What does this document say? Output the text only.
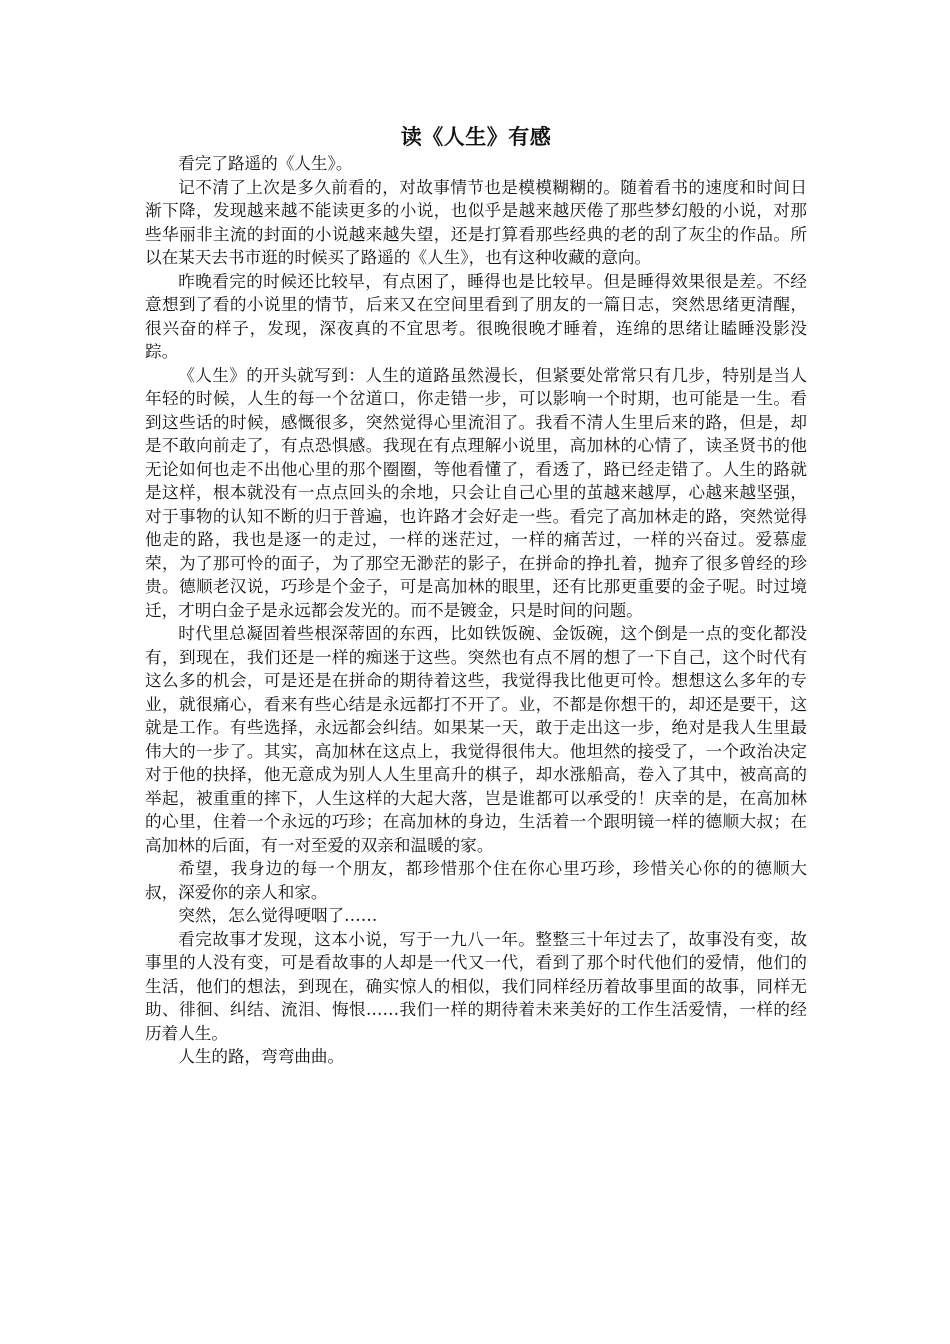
读《人生》有感

看完了路遥的《人生》。

记不清了上次是多久前看的，对故事情节也是模模糊糊的。随着看书的速度和时间日渐下降，发现越来越不能读更多的小说，也似乎是越来越厌倦了那些梦幻般的小说，对那些华丽非主流的封面的小说越来越失望，还是打算看那些经典的老的刮了灰尘的作品。所以在某天去书市逛的时候买了路遥的《人生》，也有这种收藏的意向。

昨晚看完的时候还比较早，有点困了，睡得也是比较早。但是睡得效果很是差。不经意想到了看的小说里的情节，后来又在空间里看到了朋友的一篇日志，突然思绪更清醒，很兴奋的样子，发现，深夜真的不宜思考。很晚很晚才睡着，连绵的思绪让瞌睡没影没踪。

《人生》的开头就写到：人生的道路虽然漫长，但紧要处常常只有几步，特别是当人年轻的时候，人生的每一个岔道口，你走错一步，可以影响一个时期，也可能是一生。看到这些话的时候，感慨很多，突然觉得心里流泪了。我看不清人生里后来的路，但是，却是不敢向前走了，有点恐惧感。我现在有点理解小说里，高加林的心情了，读圣贤书的他无论如何也走不出他心里的那个圈圈，等他看懂了，看透了，路已经走错了。人生的路就是这样，根本就没有一点点回头的余地，只会让自己心里的茧越来越厚，心越来越坚强，对于事物的认知不断的归于普遍，也许路才会好走一些。看完了高加林走的路，突然觉得他走的路，我也是逐一的走过，一样的迷茫过，一样的痛苦过，一样的兴奋过。爱慕虚荣，为了那可怜的面子，为了那空无渺茫的影子，在拼命的挣扎着，抛弃了很多曾经的珍贵。德顺老汉说，巧珍是个金子，可是高加林的眼里，还有比那更重要的金子呢。时过境迁，才明白金子是永远都会发光的。而不是镀金，只是时间的问题。

时代里总凝固着些根深蒂固的东西，比如铁饭碗、金饭碗，这个倒是一点的变化都没有，到现在，我们还是一样的痴迷于这些。突然也有点不屑的想了一下自己，这个时代有这么多的机会，可是还是在拼命的期待着这些，我觉得我比他更可怜。想想这么多年的专业，就很痛心，看来有些心结是永远都打不开了。业，不都是你想干的，却还是要干，这就是工作。有些选择，永远都会纠结。如果某一天，敢于走出这一步，绝对是我人生里最伟大的一步了。其实，高加林在这点上，我觉得很伟大。他坦然的接受了，一个政治决定对于他的抉择，他无意成为别人人生里高升的棋子，却水涨船高，卷入了其中，被高高的举起，被重重的摔下，人生这样的大起大落，岂是谁都可以承受的！庆幸的是，在高加林的心里，住着一个永远的巧珍；在高加林的身边，生活着一个跟明镜一样的德顺大叔；在高加林的后面，有一对至爱的双亲和温暖的家。

希望，我身边的每一个朋友，都珍惜那个住在你心里巧珍，珍惜关心你的的德顺大叔，深爱你的亲人和家。

突然，怎么觉得哽咽了……

看完故事才发现，这本小说，写于一九八一年。整整三十年过去了，故事没有变，故事里的人没有变，可是看故事的人却是一代又一代，看到了那个时代他们的爱情，他们的生活，他们的想法，到现在，确实惊人的相似，我们同样经历着故事里面的故事，同样无助、徘徊、纠结、流泪、悔恨……我们一样的期待着未来美好的工作生活爱情，一样的经历着人生。

人生的路，弯弯曲曲。
